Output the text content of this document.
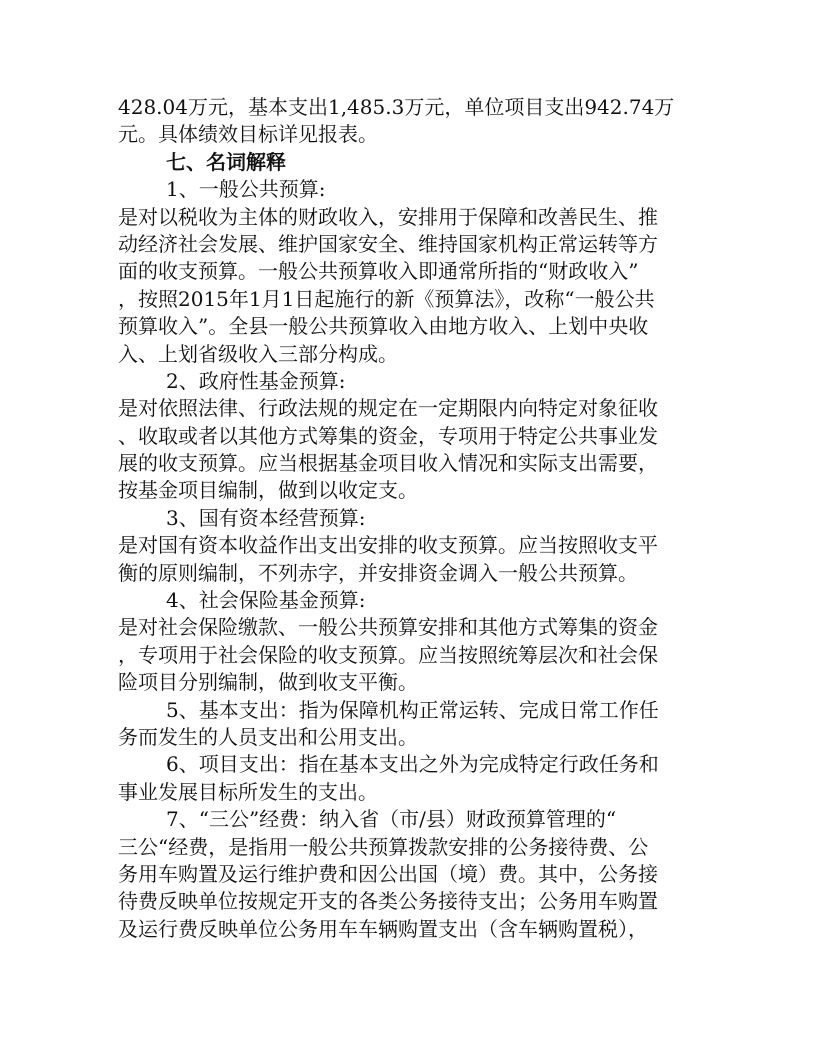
428.04万元，基本支出1,485.3万元，单位项目支出942.74万
元。具体绩效目标详见报表。
七、名词解释
1、一般公共预算:
是对以税收为主体的财政收入，安排用于保障和改善民生、推
动经济社会发展、维护国家安全、维持国家机构正常运转等方
面的收支预算。一般公共预算收入即通常所指的“财政收入”
，按照2015年1月1日起施行的新《预算法》，改称“一般公共
预算收入”。全县一般公共预算收入由地方收入、上划中央收
入、上划省级收入三部分构成。
2、政府性基金预算:
是对依照法律、行政法规的规定在一定期限内向特定对象征收
、收取或者以其他方式筹集的资金，专项用于特定公共事业发
展的收支预算。应当根据基金项目收入情况和实际支出需要，
按基金项目编制，做到以收定支。
3、国有资本经营预算:
是对国有资本收益作出支出安排的收支预算。应当按照收支平
衡的原则编制，不列赤字，并安排资金调入一般公共预算。
4、社会保险基金预算:
是对社会保险缴款、一般公共预算安排和其他方式筹集的资金
，专项用于社会保险的收支预算。应当按照统筹层次和社会保
险项目分别编制，做到收支平衡。
5、基本支出：指为保障机构正常运转、完成日常工作任
务而发生的人员支出和公用支出。
6、项目支出：指在基本支出之外为完成特定行政任务和
事业发展目标所发生的支出。
7、“三公”经费：纳入省（市/县）财政预算管理的“
三公“经费，是指用一般公共预算拨款安排的公务接待费、公
务用车购置及运行维护费和因公出国（境）费。其中，公务接
待费反映单位按规定开支的各类公务接待支出；公务用车购置
及运行费反映单位公务用车车辆购置支出（含车辆购置税），
